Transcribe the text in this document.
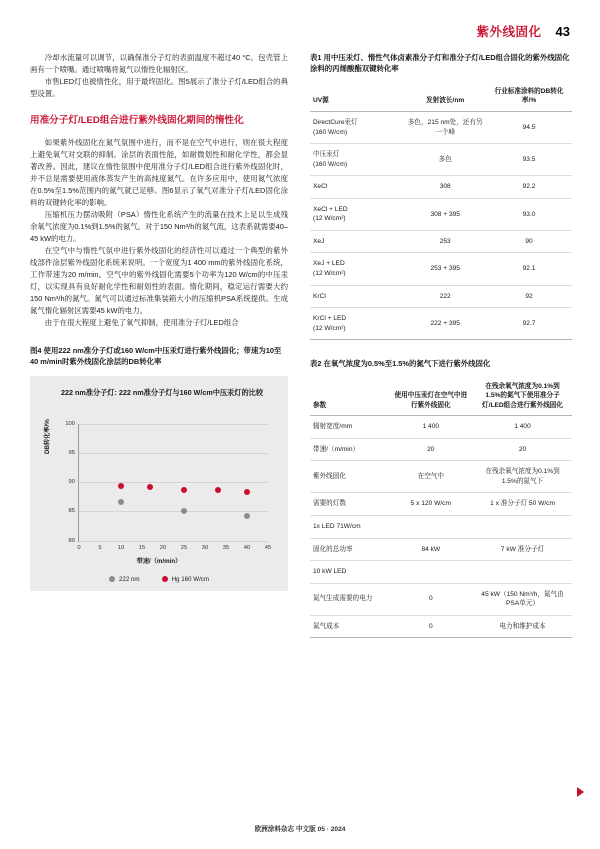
紫外线固化 43

冷却水流量可以调节，以确保准分子灯的表面温度不超过40 °C。包壳管上画有一个喷嘴。通过喷嘴将氮气以惰性化辐射区。

市售LED灯也被惰性化，用于最终固化。图5展示了准分子灯/LED组合的典型设置。

用准分子灯/LED组合进行紫外线固化期间的惰性化

如果紫外线固化在氮气氛围中进行，而不是在空气中进行，则在很大程度上避免氧气对交联的抑制。涂层的表面性能，如耐微划性和耐化学性，都会显著改善。因此，建议在惰性氛围中使用准分子灯/LED组合进行紫外线固化时，并不总是需要使用液体蒸发产生的高纯度氮气。在许多应用中，使用氮气浓度在0.5%至1.5%范围内的氮气就已足够。图6显示了氧气对准分子灯/LED固化涂料的双键转化率的影响。

压缩机压力摆动吸附（PSA）惰性化系统产生的流量在技术上足以生成残余氧气浓度为0.1%到1.5%的氮气。对于150 Nm³/h的氮气流，这表系就需要40–45 kW的电力。

在空气中与惰性气氛中进行紫外线固化的经济性可以通过一个典型的紫外线部件涂层紫外线固化系统来说明。一个宽度为1 400 mm的紫外线固化系统，工作带速为20 m/min。空气中的紫外线固化需要5个功率为120 W/cm的中压汞灯，以实现具有良好耐化学性和耐划性的表面。惰化期间，稳定运行需要大约150 Nm³/h的氮气。氮气可以通过标准集装箱大小的压缩机PSA系统提供。生成氮气惰化辐射区需要45 kW的电力。

由于在很大程度上避免了氧气抑制，使用准分子灯/LED组合

图4 使用222 nm准分子灯或160 W/cm中压汞灯进行紫外线固化；带速为10至40 m/min时紫外线固化涂层的DB转化率
222 nm准分子灯: 222 nm准分子灯与160 W/cm中压汞灯的比较
DB转化率/%
带速/（m/min）
80
85
90
95
100
0	5	10	15	20	25	30	35	40	45
222 nm	Hg 160 W/cm
表1 用中压汞灯、惰性气体卤素准分子灯和准分子灯/LED组合固化的紫外线固化涂料的丙烯酸酯双键转化率
UV源	发射波长/nm	行业标准涂料的DB转化率/%
DirectCure汞灯
(160 W/cm)	多色，215 nm处，还有另一个峰	94.5
中压汞灯
(160 W/cm)	多色	93.5
XeCl	308	92.2
XeCl + LED
(12 W/cm²)	308 + 395	93.0
XeJ	253	90
XeJ + LED
(12 W/cm²)	253 + 395	92.1
KrCl	222	92
KrCl + LED
(12 W/cm²)	222 + 395	92.7
表2 在氧气浓度为0.5%至1.5%的氮气下进行紫外线固化
参数	使用中压汞灯在空气中进行紫外线固化	在残余氧气浓度为0.1%到1.5%的氮气下使用准分子灯/LED组合进行紫外线固化
辐射宽度/mm	1 400	1 400
带速/（m/min）	20	20
紫外线固化	在空气中	在残余氧气浓度为0.1%到1.5%的氮气下
需要的灯数	5 x 120 W/cm	1 x 准分子灯 50 W/cm
1x LED 71W/cm		
固化的总功率	84 kW	7 kW 准分子灯
10 kW LED		
氮气生成需要的电力	0	45 kW（150 Nm³/h，氮气由PSA单元）
氮气成本	0	电力和维护成本
欧洲涂料杂志 中文版 05 · 2024
